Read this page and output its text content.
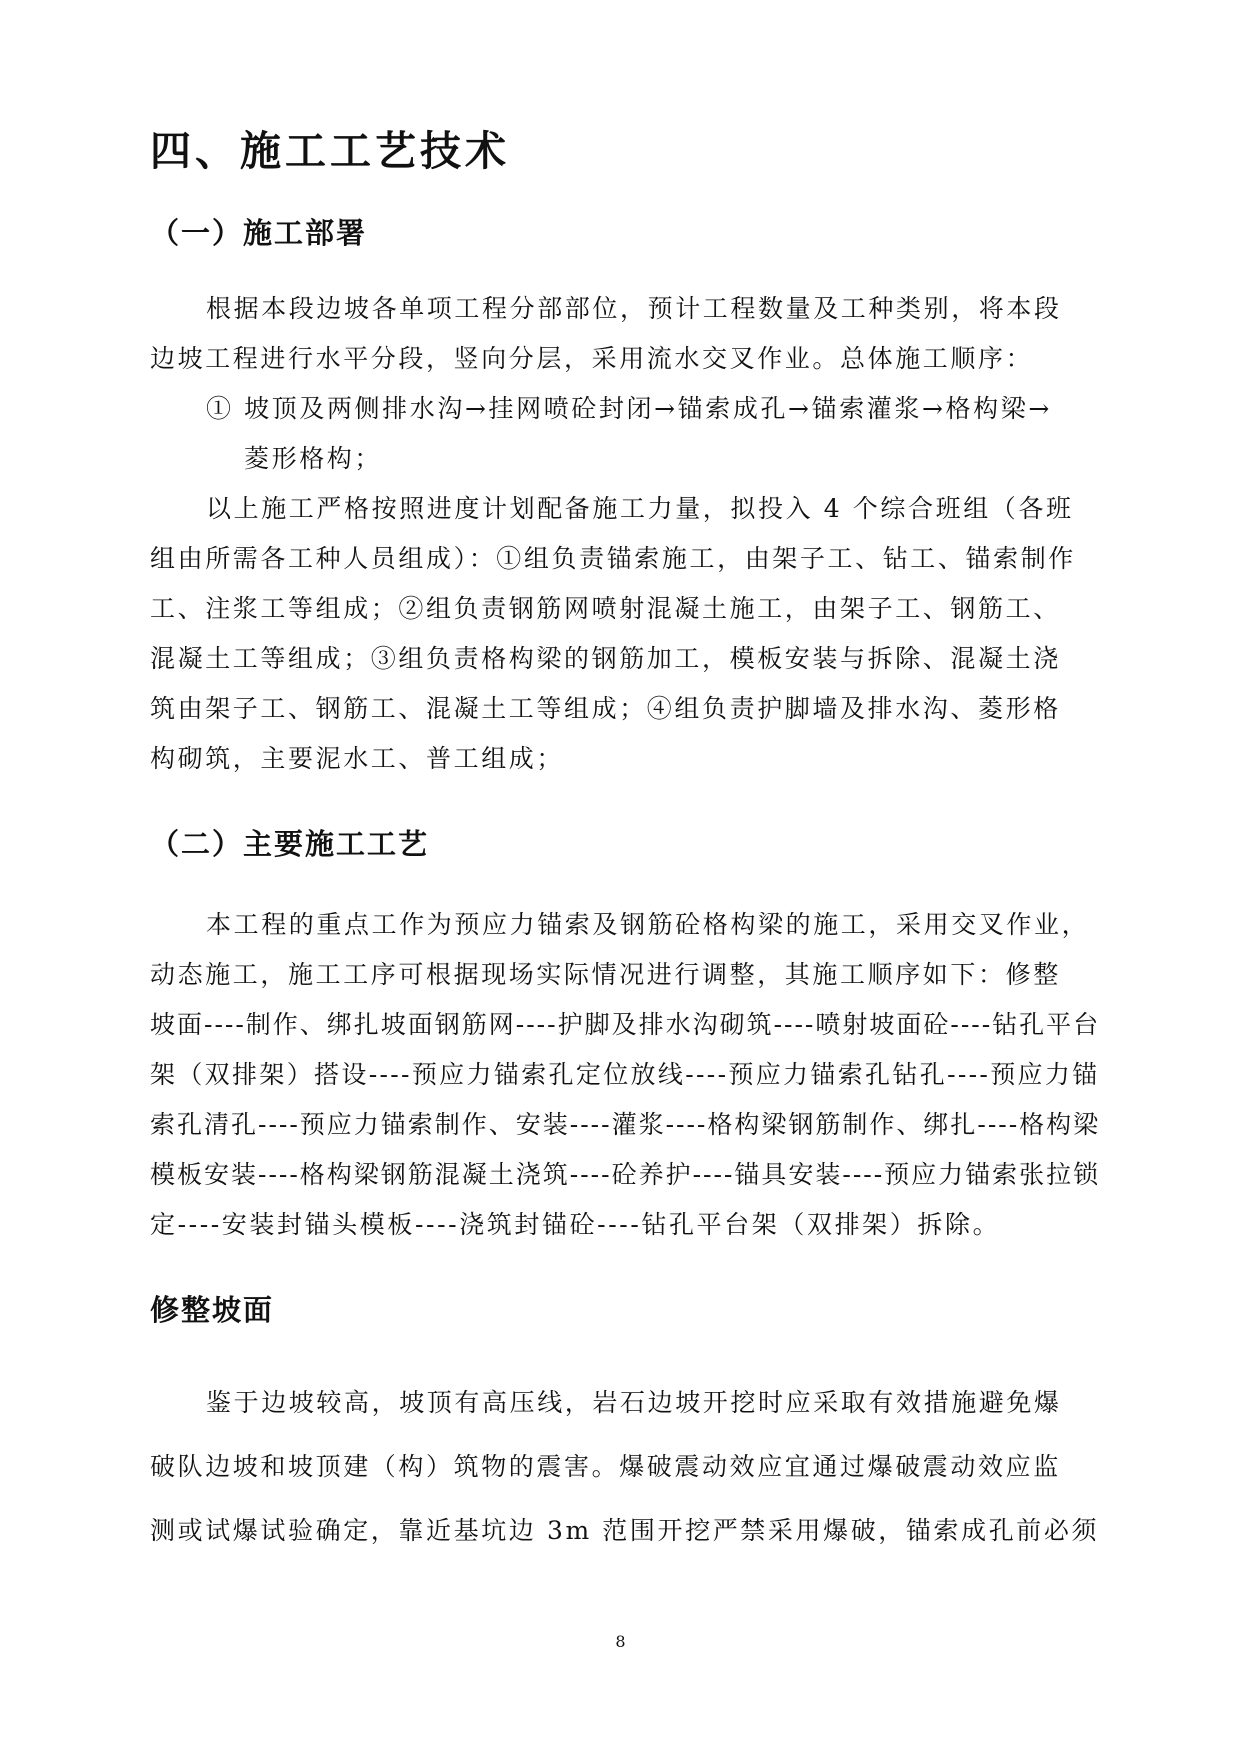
四、施工工艺技术
（一）施工部署

根据本段边坡各单项工程分部部位，预计工程数量及工种类别，将本段

边坡工程进行水平分段，竖向分层，采用流水交叉作业。总体施工顺序：

① 坡顶及两侧排水沟→挂网喷砼封闭→锚索成孔→锚索灌浆→格构梁→

菱形格构；

以上施工严格按照进度计划配备施工力量，拟投入 4 个综合班组（各班

组由所需各工种人员组成）：①组负责锚索施工，由架子工、钻工、锚索制作

工、注浆工等组成；②组负责钢筋网喷射混凝土施工，由架子工、钢筋工、

混凝土工等组成；③组负责格构梁的钢筋加工，模板安装与拆除、混凝土浇

筑由架子工、钢筋工、混凝土工等组成；④组负责护脚墙及排水沟、菱形格

构砌筑，主要泥水工、普工组成；

（二）主要施工工艺

本工程的重点工作为预应力锚索及钢筋砼格构梁的施工，采用交叉作业，

动态施工，施工工序可根据现场实际情况进行调整，其施工顺序如下：修整

坡面----制作、绑扎坡面钢筋网----护脚及排水沟砌筑----喷射坡面砼----钻孔平台

架（双排架）搭设----预应力锚索孔定位放线----预应力锚索孔钻孔----预应力锚

索孔清孔----预应力锚索制作、安装----灌浆----格构梁钢筋制作、绑扎----格构梁

模板安装----格构梁钢筋混凝土浇筑----砼养护----锚具安装----预应力锚索张拉锁

定----安装封锚头模板----浇筑封锚砼----钻孔平台架（双排架）拆除。

修整坡面

鉴于边坡较高，坡顶有高压线，岩石边坡开挖时应采取有效措施避免爆

破队边坡和坡顶建（构）筑物的震害。爆破震动效应宜通过爆破震动效应监

测或试爆试验确定，靠近基坑边 3m 范围开挖严禁采用爆破，锚索成孔前必须

8
